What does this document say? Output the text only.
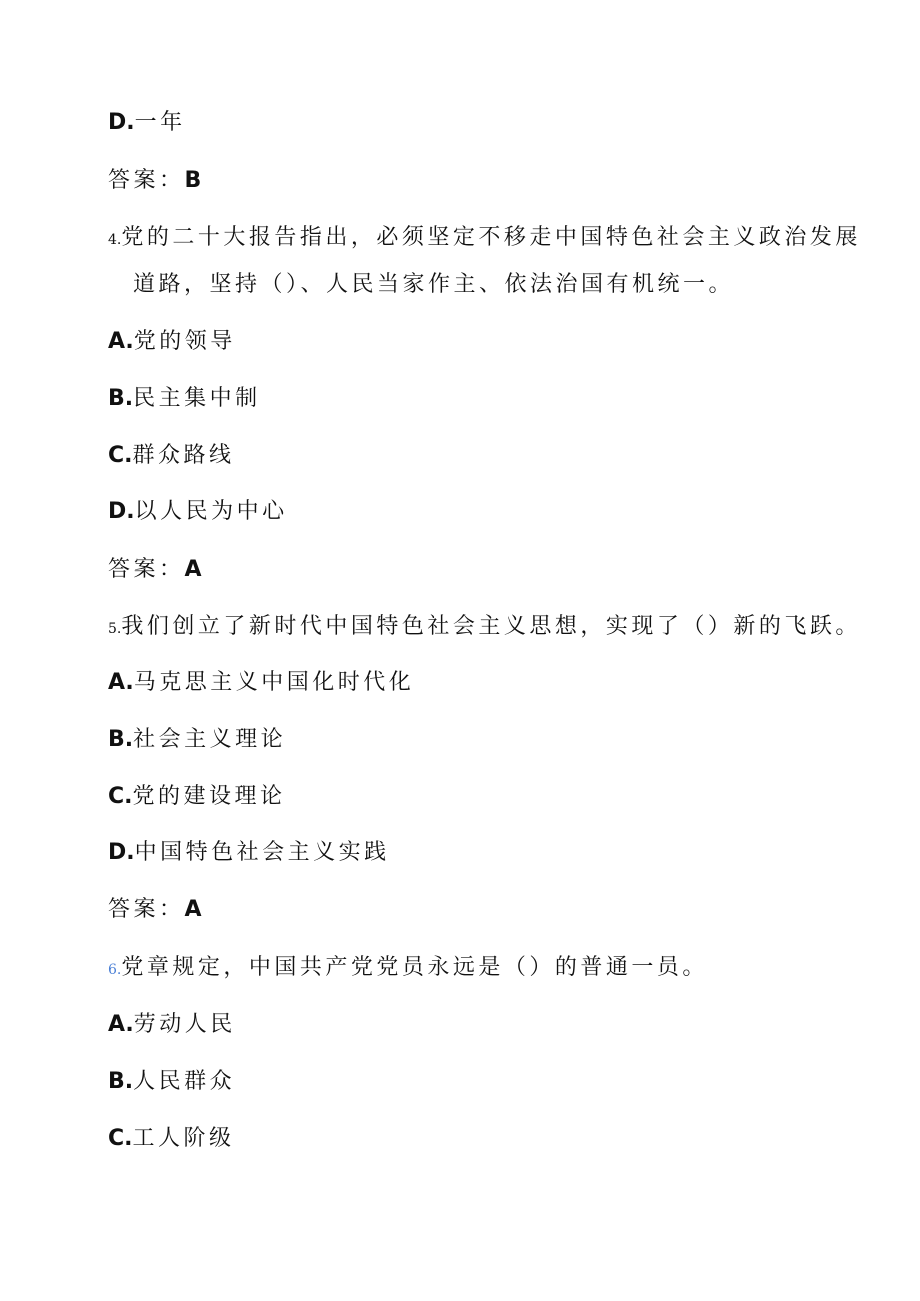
D.一年
答案：B
4.党的二十大报告指出，必须坚定不移走中国特色社会主义政治发展
道路，坚持（）、人民当家作主、依法治国有机统一。
A.党的领导
B.民主集中制
C.群众路线
D.以人民为中心
答案：A
5.我们创立了新时代中国特色社会主义思想，实现了（）新的飞跃。
A.马克思主义中国化时代化
B.社会主义理论
C.党的建设理论
D.中国特色社会主义实践
答案：A
6.党章规定，中国共产党党员永远是（）的普通一员。
A.劳动人民
B.人民群众
C.工人阶级
